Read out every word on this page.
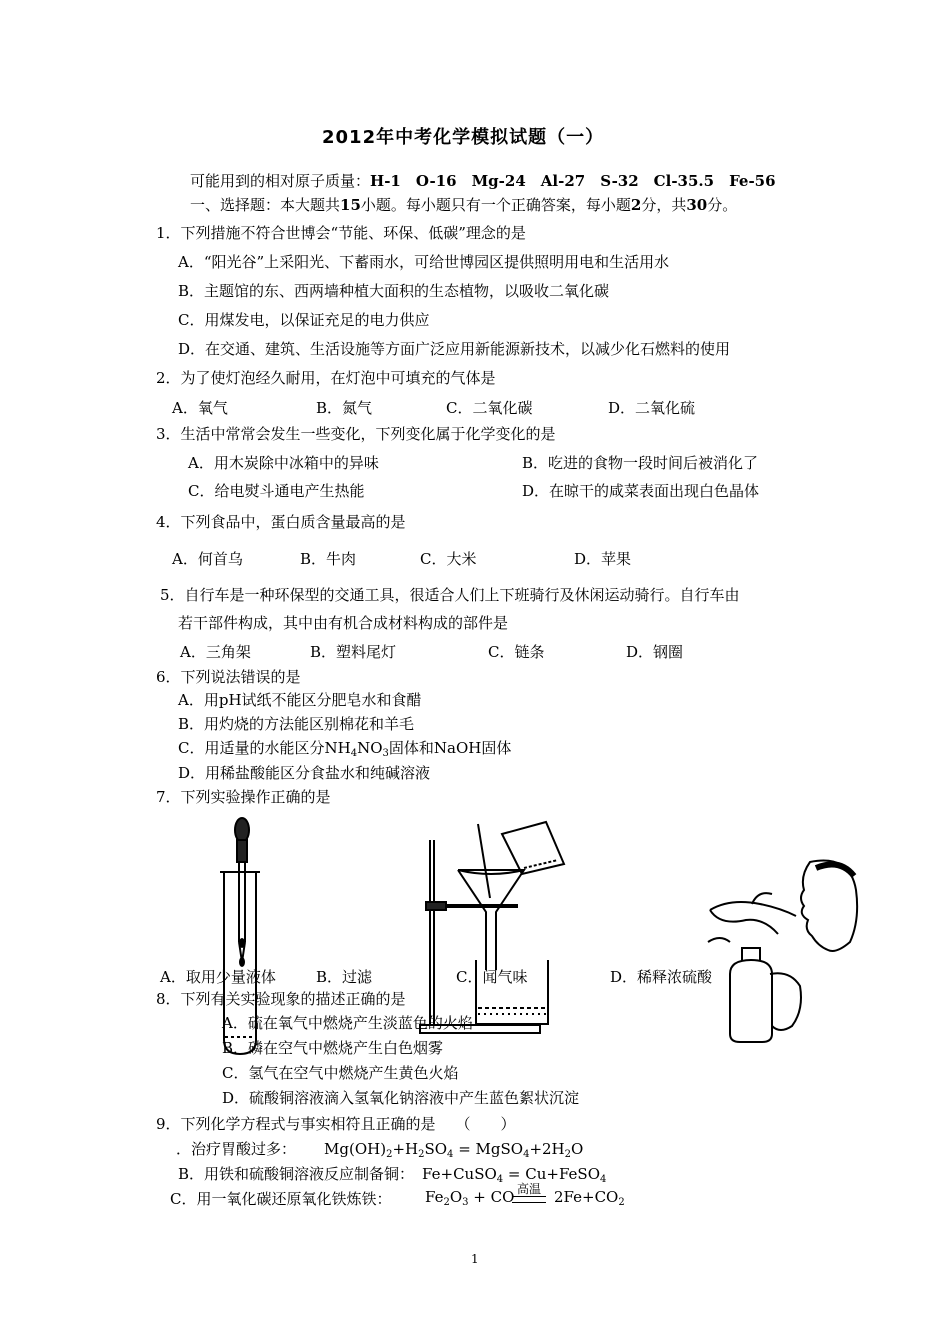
2012年中考化学模拟试题（一）
可能用到的相对原子质量：H-1　O-16　Mg-24　Al-27　S-32　Cl-35.5　Fe-56
一、选择题：本大题共15小题。每小题只有一个正确答案，每小题2分，共30分。
1．下列措施不符合世博会“节能、环保、低碳”理念的是
A．“阳光谷”上采阳光、下蓄雨水，可给世博园区提供照明用电和生活用水
B．主题馆的东、西两墙种植大面积的生态植物，以吸收二氧化碳
C．用煤发电，以保证充足的电力供应
D．在交通、建筑、生活设施等方面广泛应用新能源新技术，以减少化石燃料的使用
2．为了使灯泡经久耐用，在灯泡中可填充的气体是
A．氧气	B．氮气	C．二氧化碳	D．二氧化硫
3．生活中常常会发生一些变化，下列变化属于化学变化的是
A．用木炭除中冰箱中的异味	B．吃进的食物一段时间后被消化了
C．给电熨斗通电产生热能	D．在晾干的咸菜表面出现白色晶体
4．下列食品中，蛋白质含量最高的是
A．何首乌	B．牛肉	C．大米	D．苹果
5．自行车是一种环保型的交通工具，很适合人们上下班骑行及休闲运动骑行。自行车由
若干部件构成，其中由有机合成材料构成的部件是
A．三角架	B．塑料尾灯	C．链条	D．钢圈
6．下列说法错误的是
A．用pH试纸不能区分肥皂水和食醋
B．用灼烧的方法能区别棉花和羊毛
C．用适量的水能区分$NH_4NO_3$固体和NaOH固体
D．用稀盐酸能区分食盐水和纯碱溶液
7．下列实验操作正确的是
A．取用少量液体	B．过滤	C．闻气味	D．稀释浓硫酸
8．下列有关实验现象的描述正确的是
A．硫在氧气中燃烧产生淡蓝色的火焰
B．磷在空气中燃烧产生白色烟雾
C．氢气在空气中燃烧产生黄色火焰
D．硫酸铜溶液滴入氢氧化钠溶液中产生蓝色絮状沉淀
9．下列化学方程式与事实相符且正确的是 （　　）
．治疗胃酸过多： $Mg(OH)_2+H_2SO_4$ = $MgSO_4+2H_2O$
B．用铁和硫酸铜溶液反应制备铜： Fe+CuSO$_4$ = Cu+FeSO$_4$
C．用一氧化碳还原氧化铁炼铁： $Fe_2O_3$ + CO 高温 $2Fe+CO_2$
1
